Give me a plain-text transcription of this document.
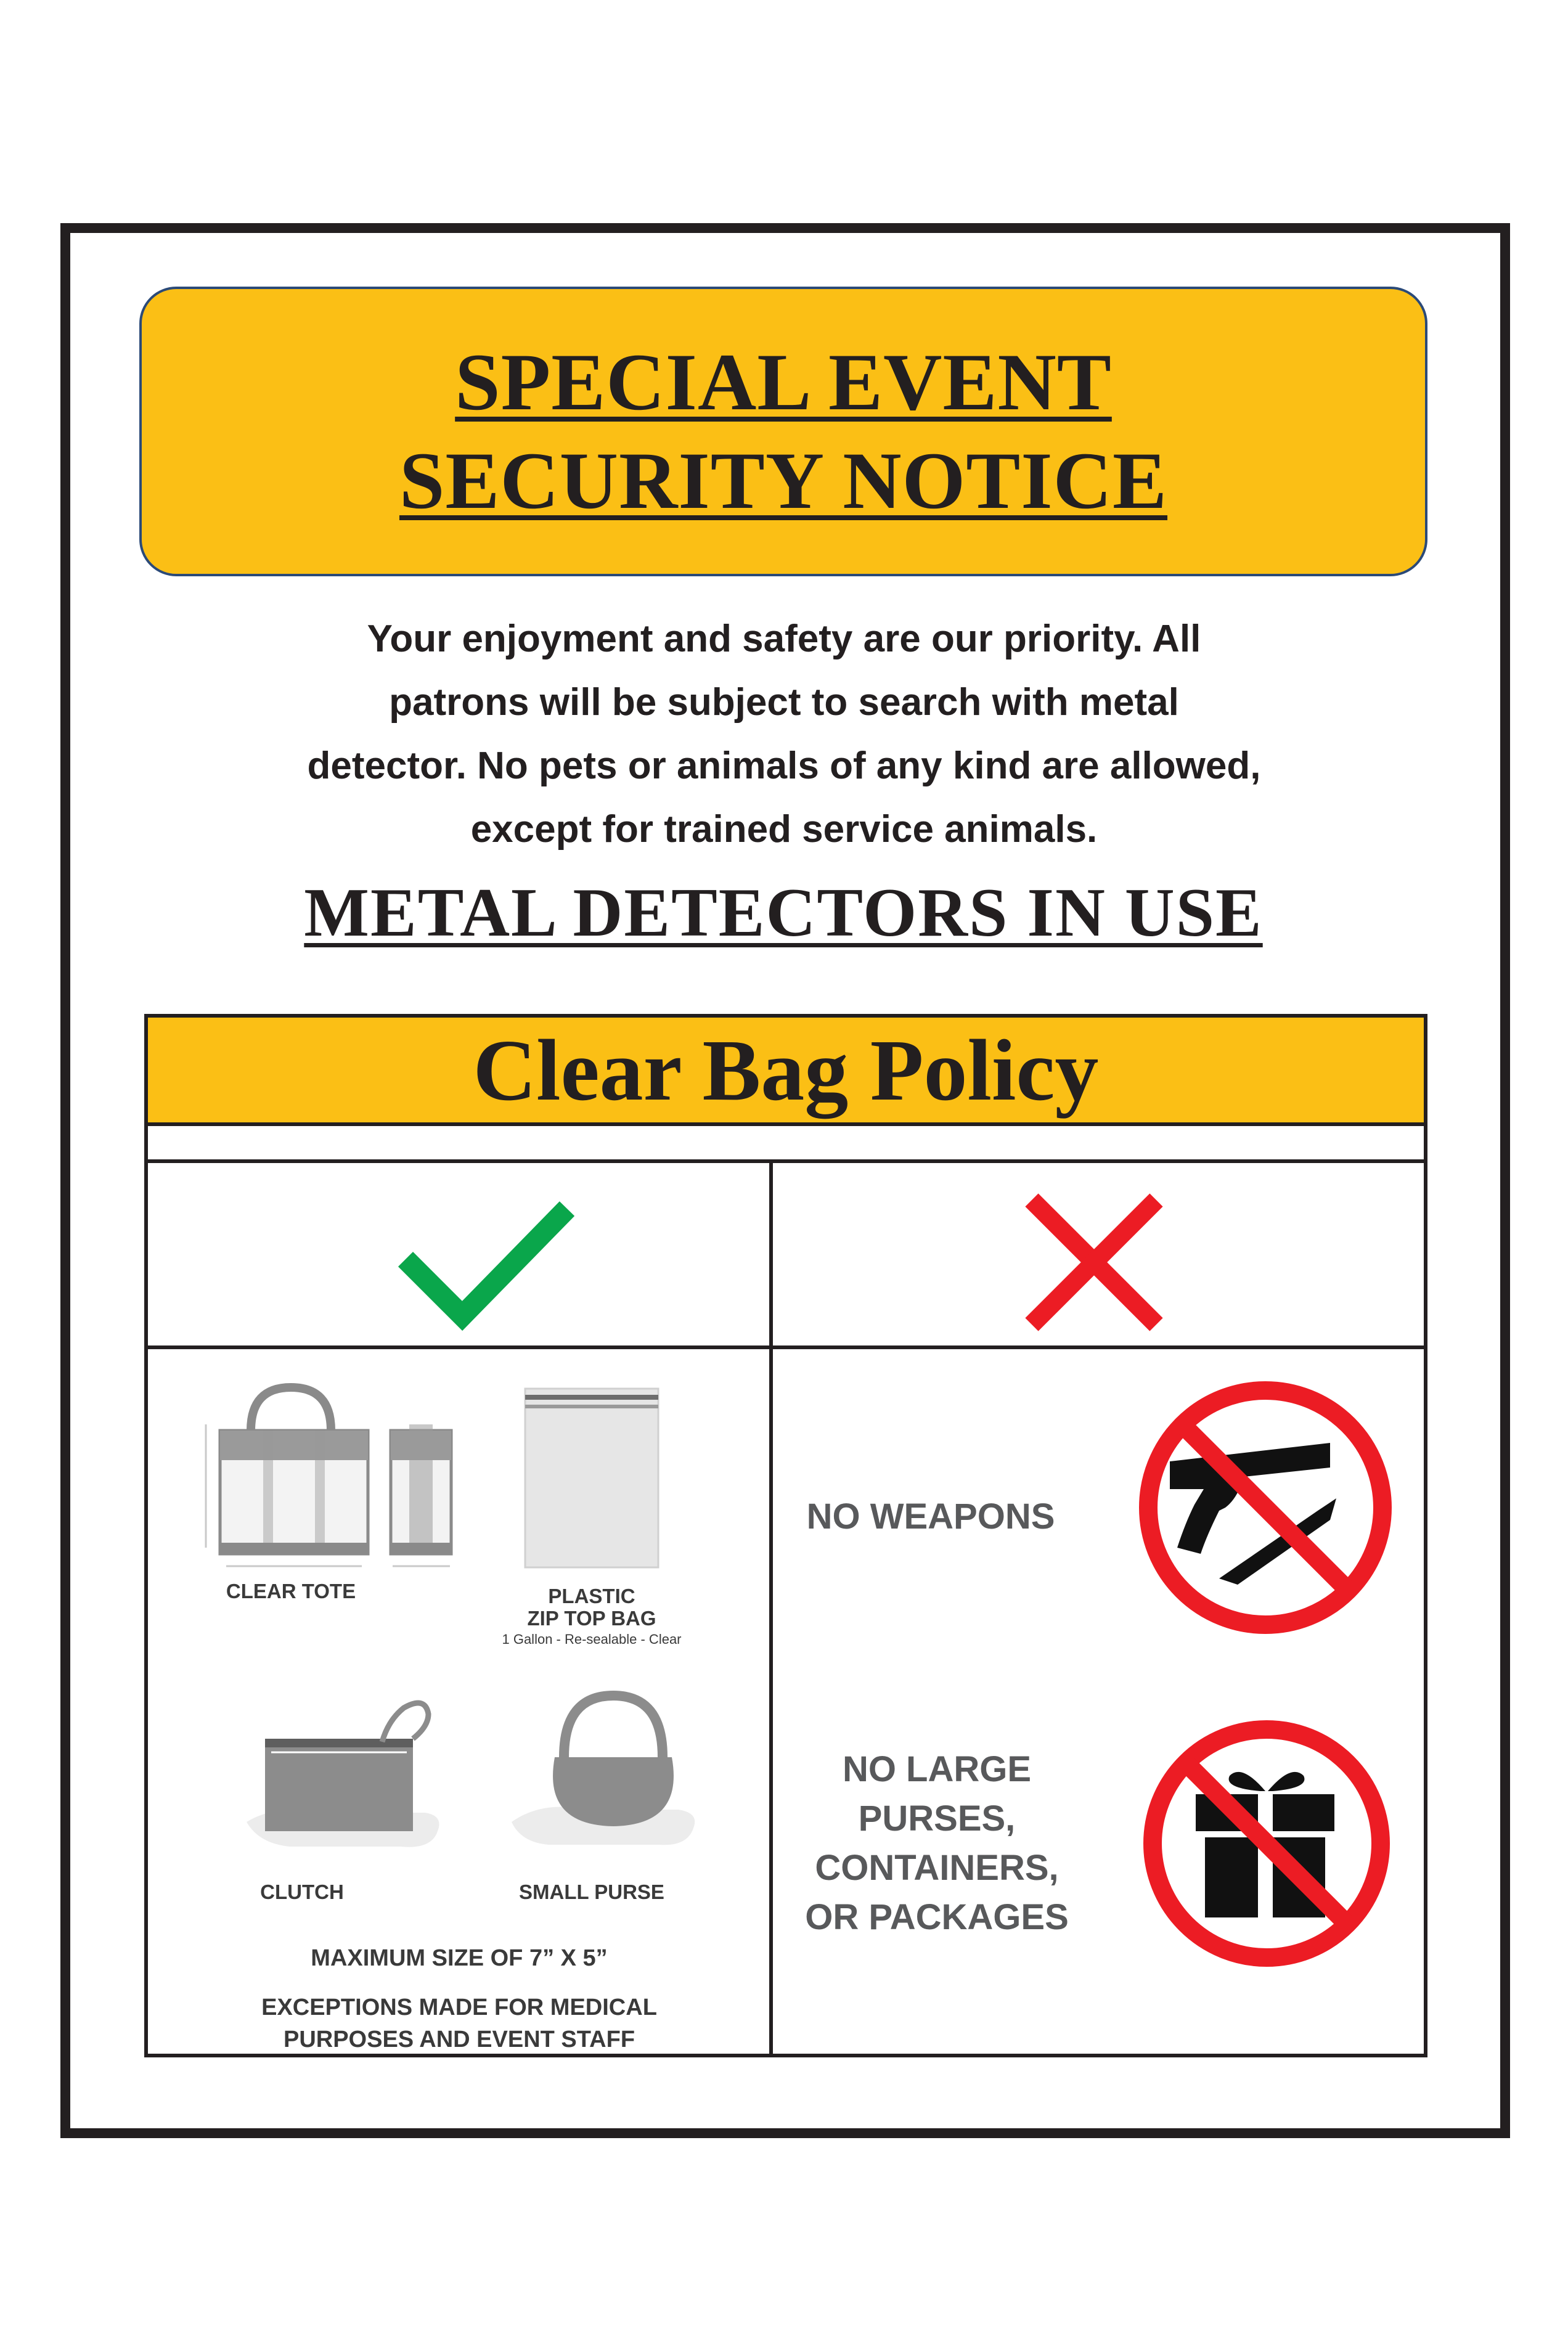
SPECIAL EVENT
SECURITY NOTICE
Your enjoyment and safety are our priority. All
patrons will be subject to search with metal
detector. No pets or animals of any kind are allowed,
except for trained service animals.
METAL DETECTORS IN USE
Clear Bag Policy
CLEAR TOTE	PLASTIC
ZIP TOP BAG
1 Gallon - Re-sealable - Clear
CLUTCH	SMALL PURSE
MAXIMUM SIZE OF 7” X 5”
EXCEPTIONS MADE FOR MEDICAL
PURPOSES AND EVENT STAFF
NO WEAPONS
NO LARGE
PURSES,
CONTAINERS,
OR PACKAGES
